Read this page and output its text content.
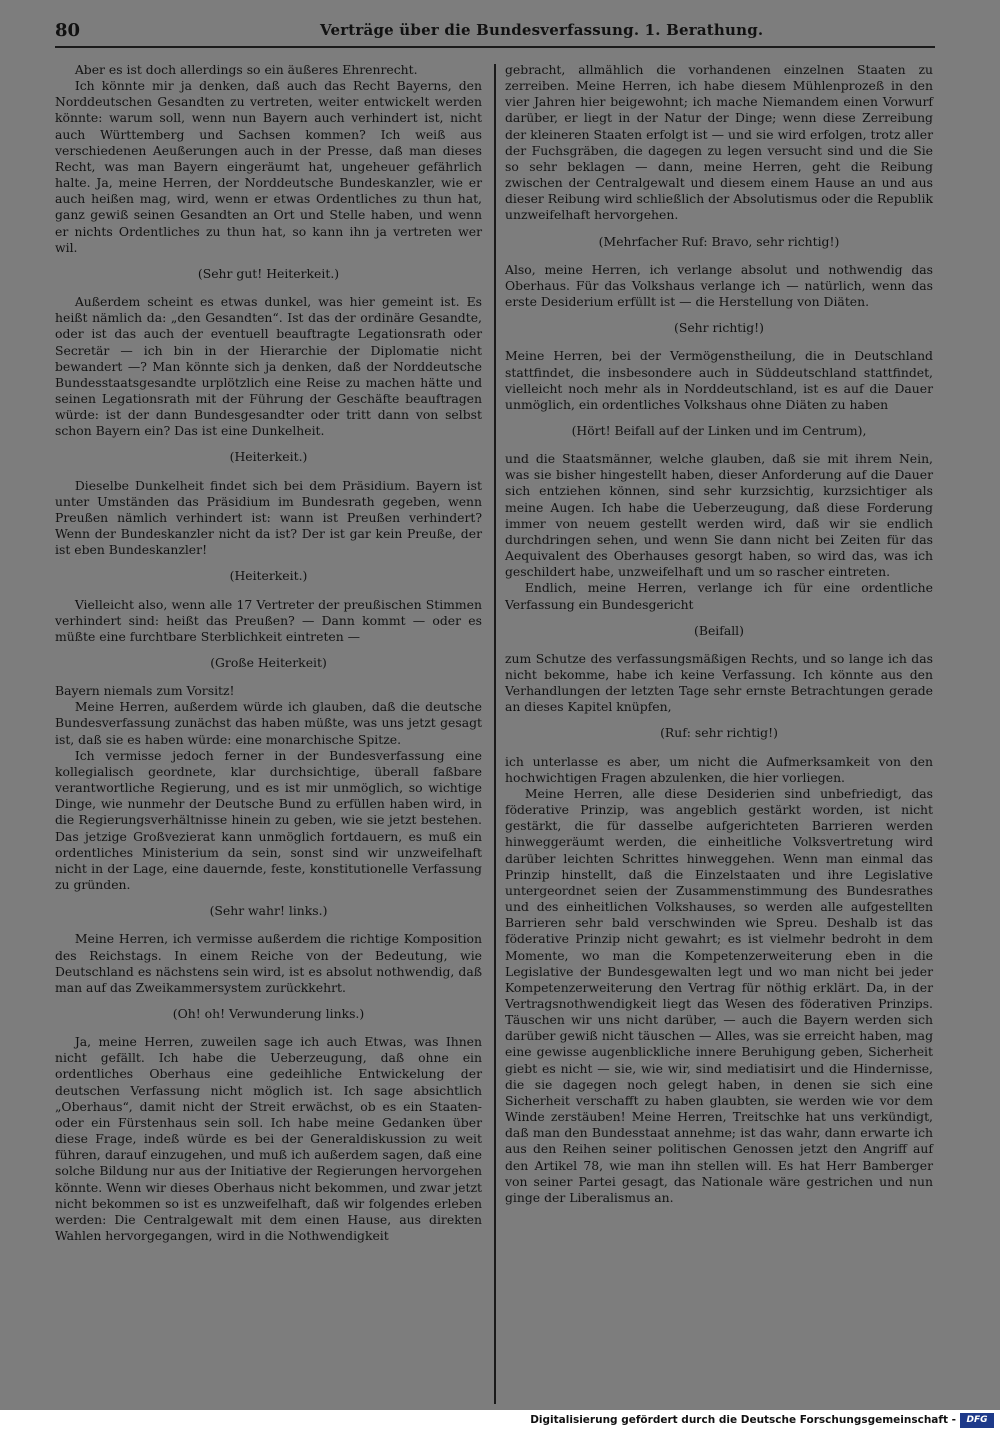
80	Verträge über die Bundesverfassung. 1. Berathung.

Aber es ist doch allerdings so ein äußeres Ehrenrecht.

Ich könnte mir ja denken, daß auch das Recht Bayerns, den Norddeutschen Gesandten zu vertreten, weiter entwickelt werden könnte: warum soll, wenn nun Bayern auch verhindert ist, nicht auch Württemberg und Sachsen kommen? Ich weiß aus verschiedenen Aeußerungen auch in der Presse, daß man dieses Recht, was man Bayern eingeräumt hat, ungeheuer gefährlich halte. Ja, meine Herren, der Norddeutsche Bundeskanzler, wie er auch heißen mag, wird, wenn er etwas Ordentliches zu thun hat, ganz gewiß seinen Gesandten an Ort und Stelle haben, und wenn er nichts Ordentliches zu thun hat, so kann ihn ja vertreten wer wil.

(Sehr gut! Heiterkeit.)

Außerdem scheint es etwas dunkel, was hier gemeint ist. Es heißt nämlich da: „den Gesandten“. Ist das der ordinäre Gesandte, oder ist das auch der eventuell beauftragte Legationsrath oder Secretär — ich bin in der Hierarchie der Diplomatie nicht bewandert —? Man könnte sich ja denken, daß der Norddeutsche Bundesstaatsgesandte urplötzlich eine Reise zu machen hätte und seinen Legationsrath mit der Führung der Geschäfte beauftragen würde: ist der dann Bundesgesandter oder tritt dann von selbst schon Bayern ein? Das ist eine Dunkelheit.

(Heiterkeit.)

Dieselbe Dunkelheit findet sich bei dem Präsidium. Bayern ist unter Umständen das Präsidium im Bundesrath gegeben, wenn Preußen nämlich verhindert ist: wann ist Preußen verhindert? Wenn der Bundeskanzler nicht da ist? Der ist gar kein Preuße, der ist eben Bundeskanzler!

(Heiterkeit.)

Vielleicht also, wenn alle 17 Vertreter der preußischen Stimmen verhindert sind: heißt das Preußen? — Dann kommt — oder es müßte eine furchtbare Sterblichkeit eintreten —

(Große Heiterkeit)

Bayern niemals zum Vorsitz!

Meine Herren, außerdem würde ich glauben, daß die deutsche Bundesverfassung zunächst das haben müßte, was uns jetzt gesagt ist, daß sie es haben würde: eine monarchische Spitze.

Ich vermisse jedoch ferner in der Bundesverfassung eine kollegialisch geordnete, klar durchsichtige, überall faßbare verantwortliche Regierung, und es ist mir unmöglich, so wichtige Dinge, wie nunmehr der Deutsche Bund zu erfüllen haben wird, in die Regierungsverhältnisse hinein zu geben, wie sie jetzt bestehen. Das jetzige Großvezierat kann unmöglich fortdauern, es muß ein ordentliches Ministerium da sein, sonst sind wir unzweifelhaft nicht in der Lage, eine dauernde, feste, konstitutionelle Verfassung zu gründen.

(Sehr wahr! links.)

Meine Herren, ich vermisse außerdem die richtige Komposition des Reichstags. In einem Reiche von der Bedeutung, wie Deutschland es nächstens sein wird, ist es absolut nothwendig, daß man auf das Zweikammersystem zurückkehrt.

(Oh! oh! Verwunderung links.)

Ja, meine Herren, zuweilen sage ich auch Etwas, was Ihnen nicht gefällt. Ich habe die Ueberzeugung, daß ohne ein ordentliches Oberhaus eine gedeihliche Entwickelung der deutschen Verfassung nicht möglich ist. Ich sage absichtlich „Oberhaus“, damit nicht der Streit erwächst, ob es ein Staaten- oder ein Fürstenhaus sein soll. Ich habe meine Gedanken über diese Frage, indeß würde es bei der Generaldiskussion zu weit führen, darauf einzugehen, und muß ich außerdem sagen, daß eine solche Bildung nur aus der Initiative der Regierungen hervorgehen könnte. Wenn wir dieses Oberhaus nicht bekommen, und zwar jetzt nicht bekommen so ist es unzweifelhaft, daß wir folgendes erleben werden: Die Centralgewalt mit dem einen Hause, aus direkten Wahlen hervorgegangen, wird in die Nothwendigkeit

gebracht, allmählich die vorhandenen einzelnen Staaten zu zerreiben. Meine Herren, ich habe diesem Mühlenprozeß in den vier Jahren hier beigewohnt; ich mache Niemandem einen Vorwurf darüber, er liegt in der Natur der Dinge; wenn diese Zerreibung der kleineren Staaten erfolgt ist — und sie wird erfolgen, trotz aller der Fuchsgräben, die dagegen zu legen versucht sind und die Sie so sehr beklagen — dann, meine Herren, geht die Reibung zwischen der Centralgewalt und diesem einem Hause an und aus dieser Reibung wird schließlich der Absolutismus oder die Republik unzweifelhaft hervorgehen.

(Mehrfacher Ruf: Bravo, sehr richtig!)

Also, meine Herren, ich verlange absolut und nothwendig das Oberhaus. Für das Volkshaus verlange ich — natürlich, wenn das erste Desiderium erfüllt ist — die Herstellung von Diäten.

(Sehr richtig!)

Meine Herren, bei der Vermögenstheilung, die in Deutschland stattfindet, die insbesondere auch in Süddeutschland stattfindet, vielleicht noch mehr als in Norddeutschland, ist es auf die Dauer unmöglich, ein ordentliches Volkshaus ohne Diäten zu haben

(Hört! Beifall auf der Linken und im Centrum),

und die Staatsmänner, welche glauben, daß sie mit ihrem Nein, was sie bisher hingestellt haben, dieser Anforderung auf die Dauer sich entziehen können, sind sehr kurzsichtig, kurzsichtiger als meine Augen. Ich habe die Ueberzeugung, daß diese Forderung immer von neuem gestellt werden wird, daß wir sie endlich durchdringen sehen, und wenn Sie dann nicht bei Zeiten für das Aequivalent des Oberhauses gesorgt haben, so wird das, was ich geschildert habe, unzweifelhaft und um so rascher eintreten.

Endlich, meine Herren, verlange ich für eine ordentliche Verfassung ein Bundesgericht

(Beifall)

zum Schutze des verfassungsmäßigen Rechts, und so lange ich das nicht bekomme, habe ich keine Verfassung. Ich könnte aus den Verhandlungen der letzten Tage sehr ernste Betrachtungen gerade an dieses Kapitel knüpfen,

(Ruf: sehr richtig!)

ich unterlasse es aber, um nicht die Aufmerksamkeit von den hochwichtigen Fragen abzulenken, die hier vorliegen.

Meine Herren, alle diese Desiderien sind unbefriedigt, das föderative Prinzip, was angeblich gestärkt worden, ist nicht gestärkt, die für dasselbe aufgerichteten Barrieren werden hinweggeräumt werden, die einheitliche Volksvertretung wird darüber leichten Schrittes hinweggehen. Wenn man einmal das Prinzip hinstellt, daß die Einzelstaaten und ihre Legislative untergeordnet seien der Zusammenstimmung des Bundesrathes und des einheitlichen Volkshauses, so werden alle aufgestellten Barrieren sehr bald verschwinden wie Spreu. Deshalb ist das föderative Prinzip nicht gewahrt; es ist vielmehr bedroht in dem Momente, wo man die Kompetenzerweiterung eben in die Legislative der Bundesgewalten legt und wo man nicht bei jeder Kompetenzerweiterung den Vertrag für nöthig erklärt. Da, in der Vertragsnothwendigkeit liegt das Wesen des föderativen Prinzips. Täuschen wir uns nicht darüber, — auch die Bayern werden sich darüber gewiß nicht täuschen — Alles, was sie erreicht haben, mag eine gewisse augenblickliche innere Beruhigung geben, Sicherheit giebt es nicht — sie, wie wir, sind mediatisirt und die Hindernisse, die sie dagegen noch gelegt haben, in denen sie sich eine Sicherheit verschafft zu haben glaubten, sie werden wie vor dem Winde zerstäuben! Meine Herren, Treitschke hat uns verkündigt, daß man den Bundesstaat annehme; ist das wahr, dann erwarte ich aus den Reihen seiner politischen Genossen jetzt den Angriff auf den Artikel 78, wie man ihn stellen will. Es hat Herr Bamberger von seiner Partei gesagt, das Nationale wäre gestrichen und nun ginge der Liberalismus an.

Digitalisierung gefördert durch die Deutsche Forschungsgemeinschaft -	DFG
